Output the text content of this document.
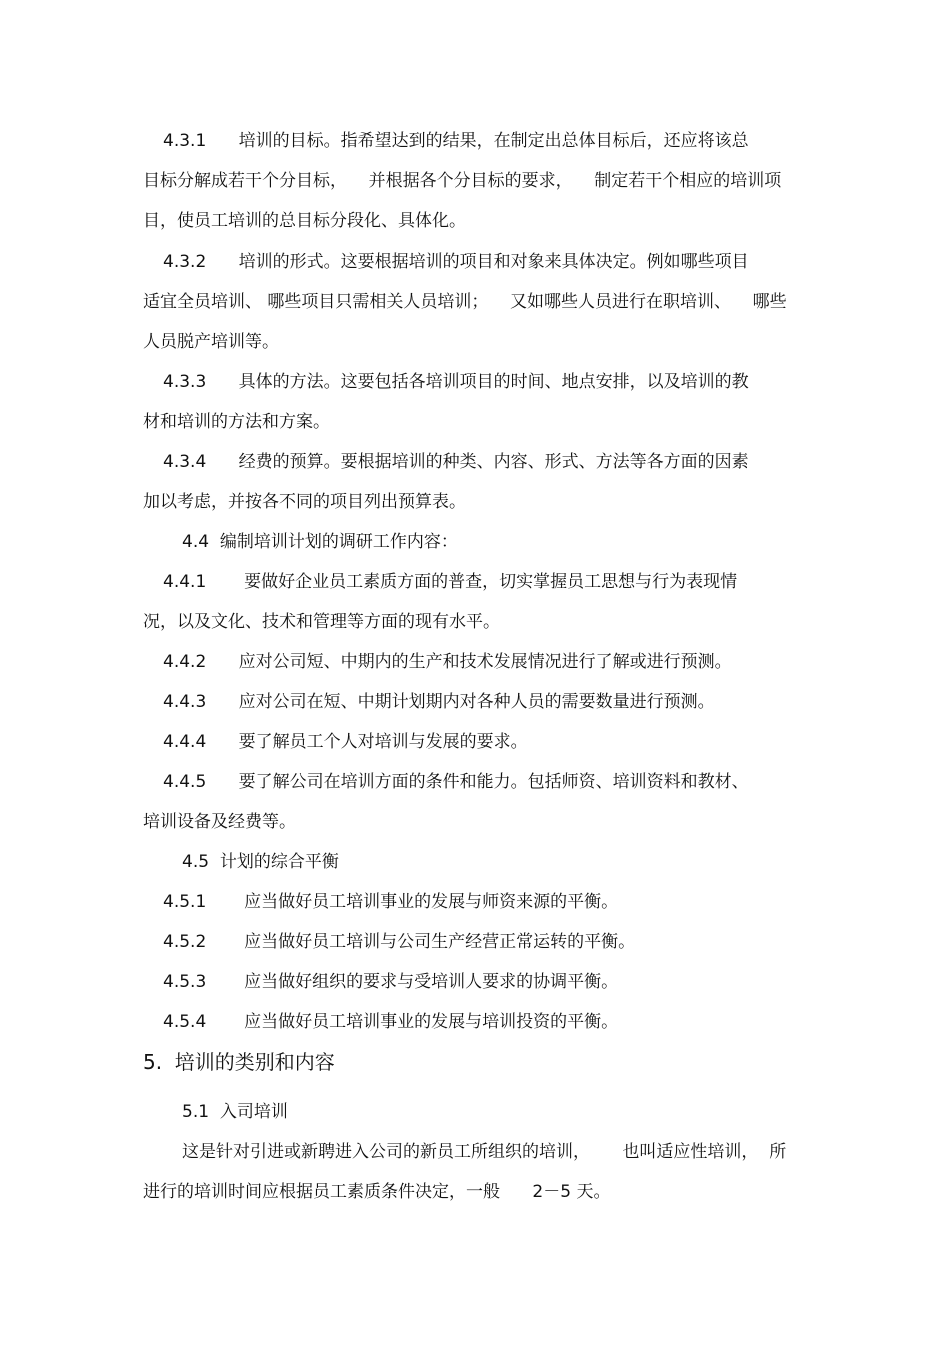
4.3.1      培训的目标。指希望达到的结果，在制定出总体目标后，还应将该总

目标分解成若干个分目标，    并根据各个分目标的要求，    制定若干个相应的培训项

目，使员工培训的总目标分段化、具体化。

4.3.2      培训的形式。这要根据培训的项目和对象来具体决定。例如哪些项目

适宜全员培训、 哪些项目只需相关人员培训；    又如哪些人员进行在职培训、    哪些

人员脱产培训等。

4.3.3      具体的方法。这要包括各培训项目的时间、地点安排，以及培训的教

材和培训的方法和方案。

4.3.4      经费的预算。要根据培训的种类、内容、形式、方法等各方面的因素

加以考虑，并按各不同的项目列出预算表。

4.4  编制培训计划的调研工作内容：

4.4.1       要做好企业员工素质方面的普查，切实掌握员工思想与行为表现情

况，以及文化、技术和管理等方面的现有水平。

4.4.2      应对公司短、中期内的生产和技术发展情况进行了解或进行预测。

4.4.3      应对公司在短、中期计划期内对各种人员的需要数量进行预测。

4.4.4      要了解员工个人对培训与发展的要求。

4.4.5      要了解公司在培训方面的条件和能力。包括师资、培训资料和教材、

培训设备及经费等。

4.5  计划的综合平衡

4.5.1       应当做好员工培训事业的发展与师资来源的平衡。

4.5.2       应当做好员工培训与公司生产经营正常运转的平衡。

4.5.3       应当做好组织的要求与受培训人要求的协调平衡。

4.5.4       应当做好员工培训事业的发展与培训投资的平衡。

5.  培训的类别和内容

5.1  入司培训

这是针对引进或新聘进入公司的新员工所组织的培训，      也叫适应性培训，  所

进行的培训时间应根据员工素质条件决定，一般      2－5 天。
